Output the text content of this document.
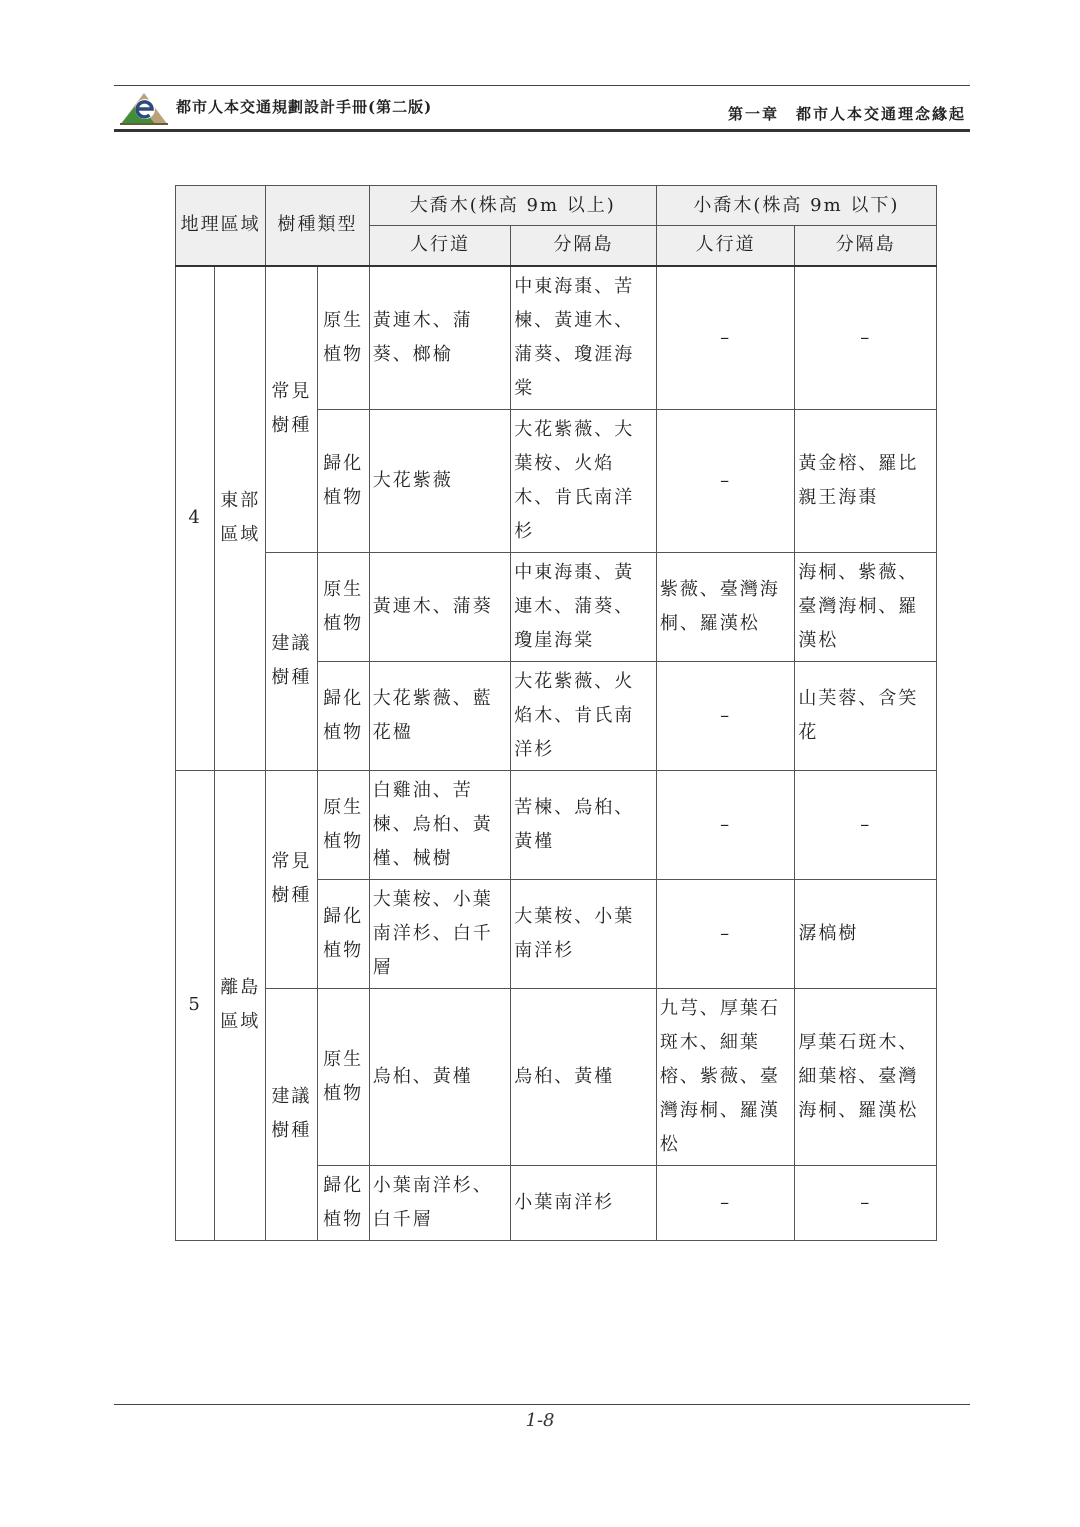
都市人本交通規劃設計手冊(第二版)	第一章　都市人本交通理念緣起
地理區域		樹種類型		大喬木(株高 9m 以上)		小喬木(株高 9m 以下)	
				人行道	分隔島	人行道	分隔島
4	東部區域	常見樹種	原生植物	黃連木、蒲葵、榔榆	中東海棗、苦楝、黃連木、蒲葵、瓊涯海棠	–	–
			歸化植物	大花紫薇	大花紫薇、大葉桉、火焰木、肯氏南洋杉	–	黃金榕、羅比親王海棗
		建議樹種	原生植物	黃連木、蒲葵	中東海棗、黃連木、蒲葵、瓊崖海棠	紫薇、臺灣海桐、羅漢松	海桐、紫薇、臺灣海桐、羅漢松
			歸化植物	大花紫薇、藍花楹	大花紫薇、火焰木、肯氏南洋杉	–	山芙蓉、含笑花
5	離島區域	常見樹種	原生植物	白雞油、苦楝、烏桕、黃槿、械樹	苦楝、烏桕、黃槿	–	–
			歸化植物	大葉桉、小葉南洋杉、白千層	大葉桉、小葉南洋杉	–	潺槁樹
		建議樹種	原生植物	烏桕、黃槿	烏桕、黃槿	九芎、厚葉石斑木、細葉榕、紫薇、臺灣海桐、羅漢松	厚葉石斑木、細葉榕、臺灣海桐、羅漢松
			歸化植物	小葉南洋杉、白千層	小葉南洋杉	–	–
1-8
